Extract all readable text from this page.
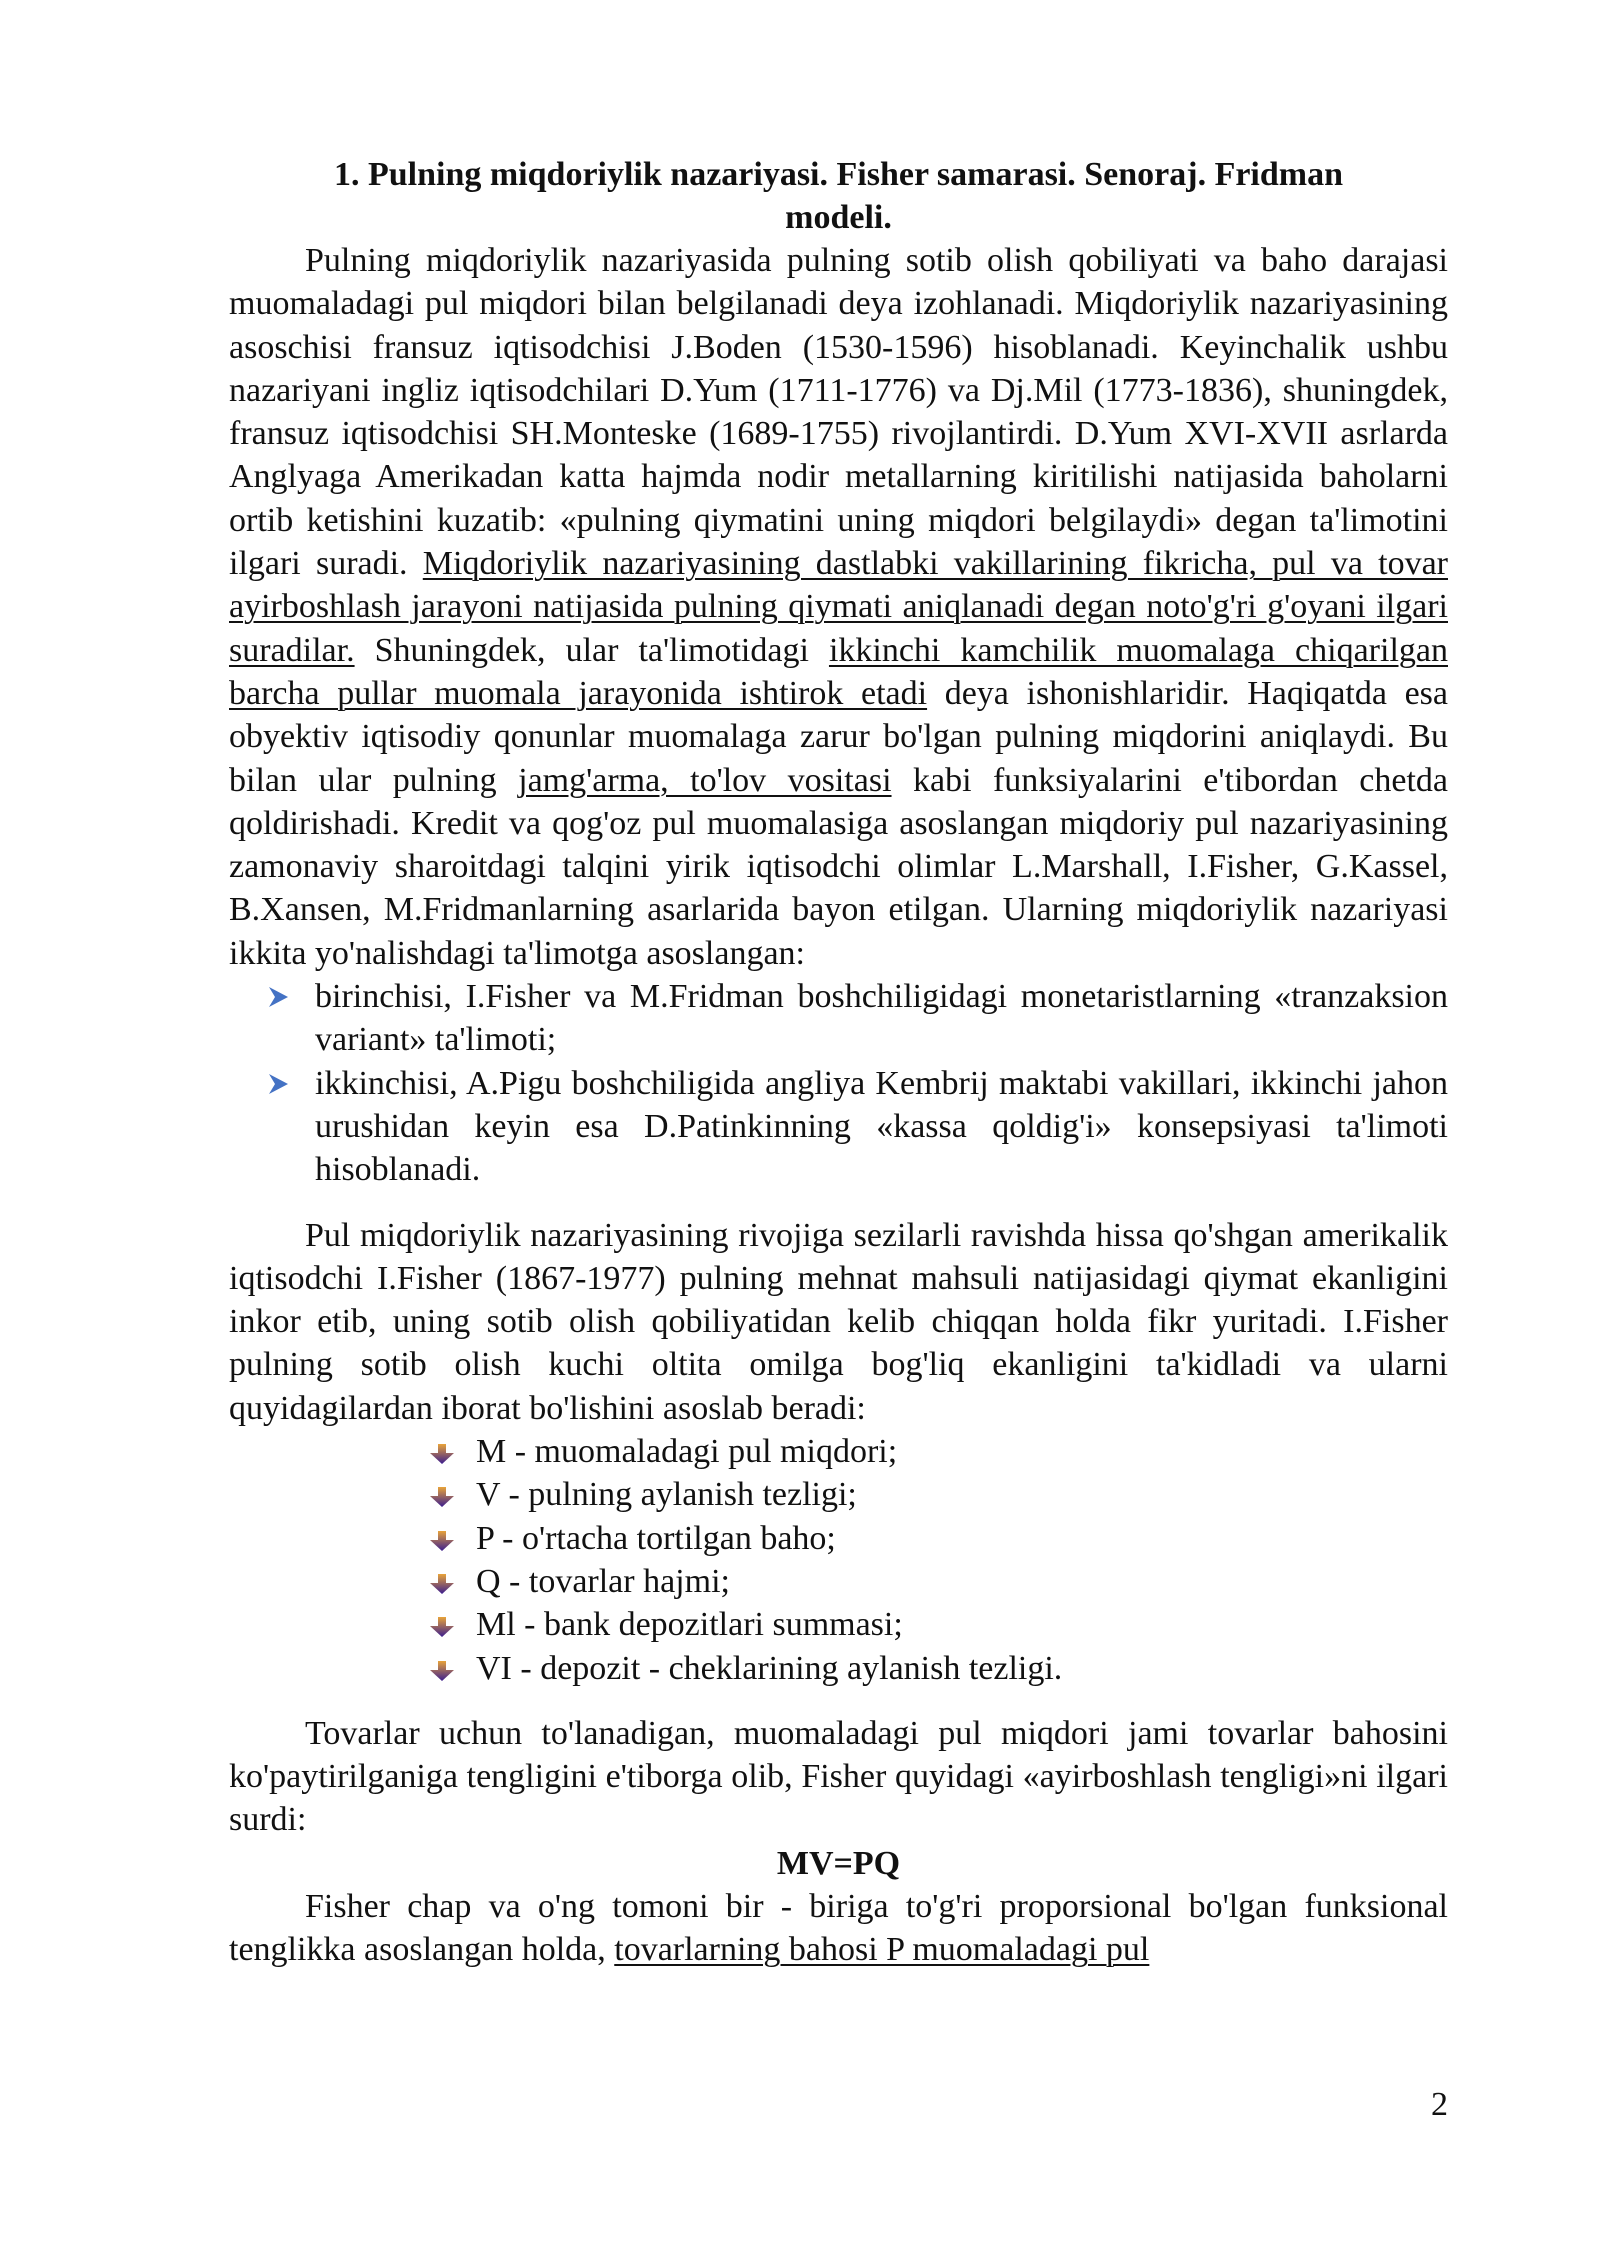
1. Pulning miqdoriylik nazariyasi. Fisher samarasi. Senoraj. Fridman
modeli.

Pulning miqdoriylik nazariyasida pulning sotib olish qobiliyati va baho darajasi muomaladagi pul miqdori bilan belgilanadi deya izohlanadi. Miqdoriylik nazariyasining asoschisi fransuz iqtisodchisi J.Boden (1530-1596) hisoblanadi. Keyinchalik ushbu nazariyani ingliz iqtisodchilari D.Yum (1711-1776) va Dj.Mil (1773-1836), shuningdek, fransuz iqtisodchisi SH.Monteske (1689-1755) rivojlantirdi. D.Yum XVI-XVII asrlarda Anglyaga Amerikadan katta hajmda nodir metallarning kiritilishi natijasida baholarni ortib ketishini kuzatib: «pulning qiymatini uning miqdori belgilaydi» degan ta'limotini ilgari suradi. Miqdoriylik nazariyasining dastlabki vakillarining fikricha, pul va tovar ayirboshlash jarayoni natijasida pulning qiymati aniqlanadi degan noto'g'ri g'oyani ilgari suradilar. Shuningdek, ular ta'limotidagi ikkinchi kamchilik muomalaga chiqarilgan barcha pullar muomala jarayonida ishtirok etadi deya ishonishlaridir. Haqiqatda esa obyektiv iqtisodiy qonunlar muomalaga zarur bo'lgan pulning miqdorini aniqlaydi. Bu bilan ular pulning jamg'arma, to'lov vositasi kabi funksiyalarini e'tibordan chetda qoldirishadi. Kredit va qog'oz pul muomalasiga asoslangan miqdoriy pul nazariyasining zamonaviy sharoitdagi talqini yirik iqtisodchi olimlar L.Marshall, I.Fisher, G.Kassel, B.Xansen, M.Fridmanlarning asarlarida bayon etilgan. Ularning miqdoriylik nazariyasi ikkita yo'nalishdagi ta'limotga asoslangan:

birinchisi, I.Fisher va M.Fridman boshchiligidagi monetaristlarning «tranzaksion variant» ta'limoti;
ikkinchisi, A.Pigu boshchiligida angliya Kembrij maktabi vakillari, ikkinchi jahon urushidan keyin esa D.Patinkinning «kassa qoldig'i» konsepsiyasi ta'limoti hisoblanadi.

Pul miqdoriylik nazariyasining rivojiga sezilarli ravishda hissa qo'shgan amerikalik iqtisodchi I.Fisher (1867-1977) pulning mehnat mahsuli natijasidagi qiymat ekanligini inkor etib, uning sotib olish qobiliyatidan kelib chiqqan holda fikr yuritadi. I.Fisher pulning sotib olish kuchi oltita omilga bog'liq ekanligini ta'kidladi va ularni quyidagilardan iborat bo'lishini asoslab beradi:

M - muomaladagi pul miqdori;
V - pulning aylanish tezligi;
P - o'rtacha tortilgan baho;
Q - tovarlar hajmi;
Ml - bank depozitlari summasi;
VI - depozit - cheklarining aylanish tezligi.

Tovarlar uchun to'lanadigan, muomaladagi pul miqdori jami tovarlar bahosini ko'paytirilganiga tengligini e'tiborga olib, Fisher quyidagi «ayirboshlash tengligi»ni ilgari surdi:

MV=PQ

Fisher chap va o'ng tomoni bir - biriga to'g'ri proporsional bo'lgan funksional tenglikka asoslangan holda, tovarlarning bahosi P muomaladagi pul

2
